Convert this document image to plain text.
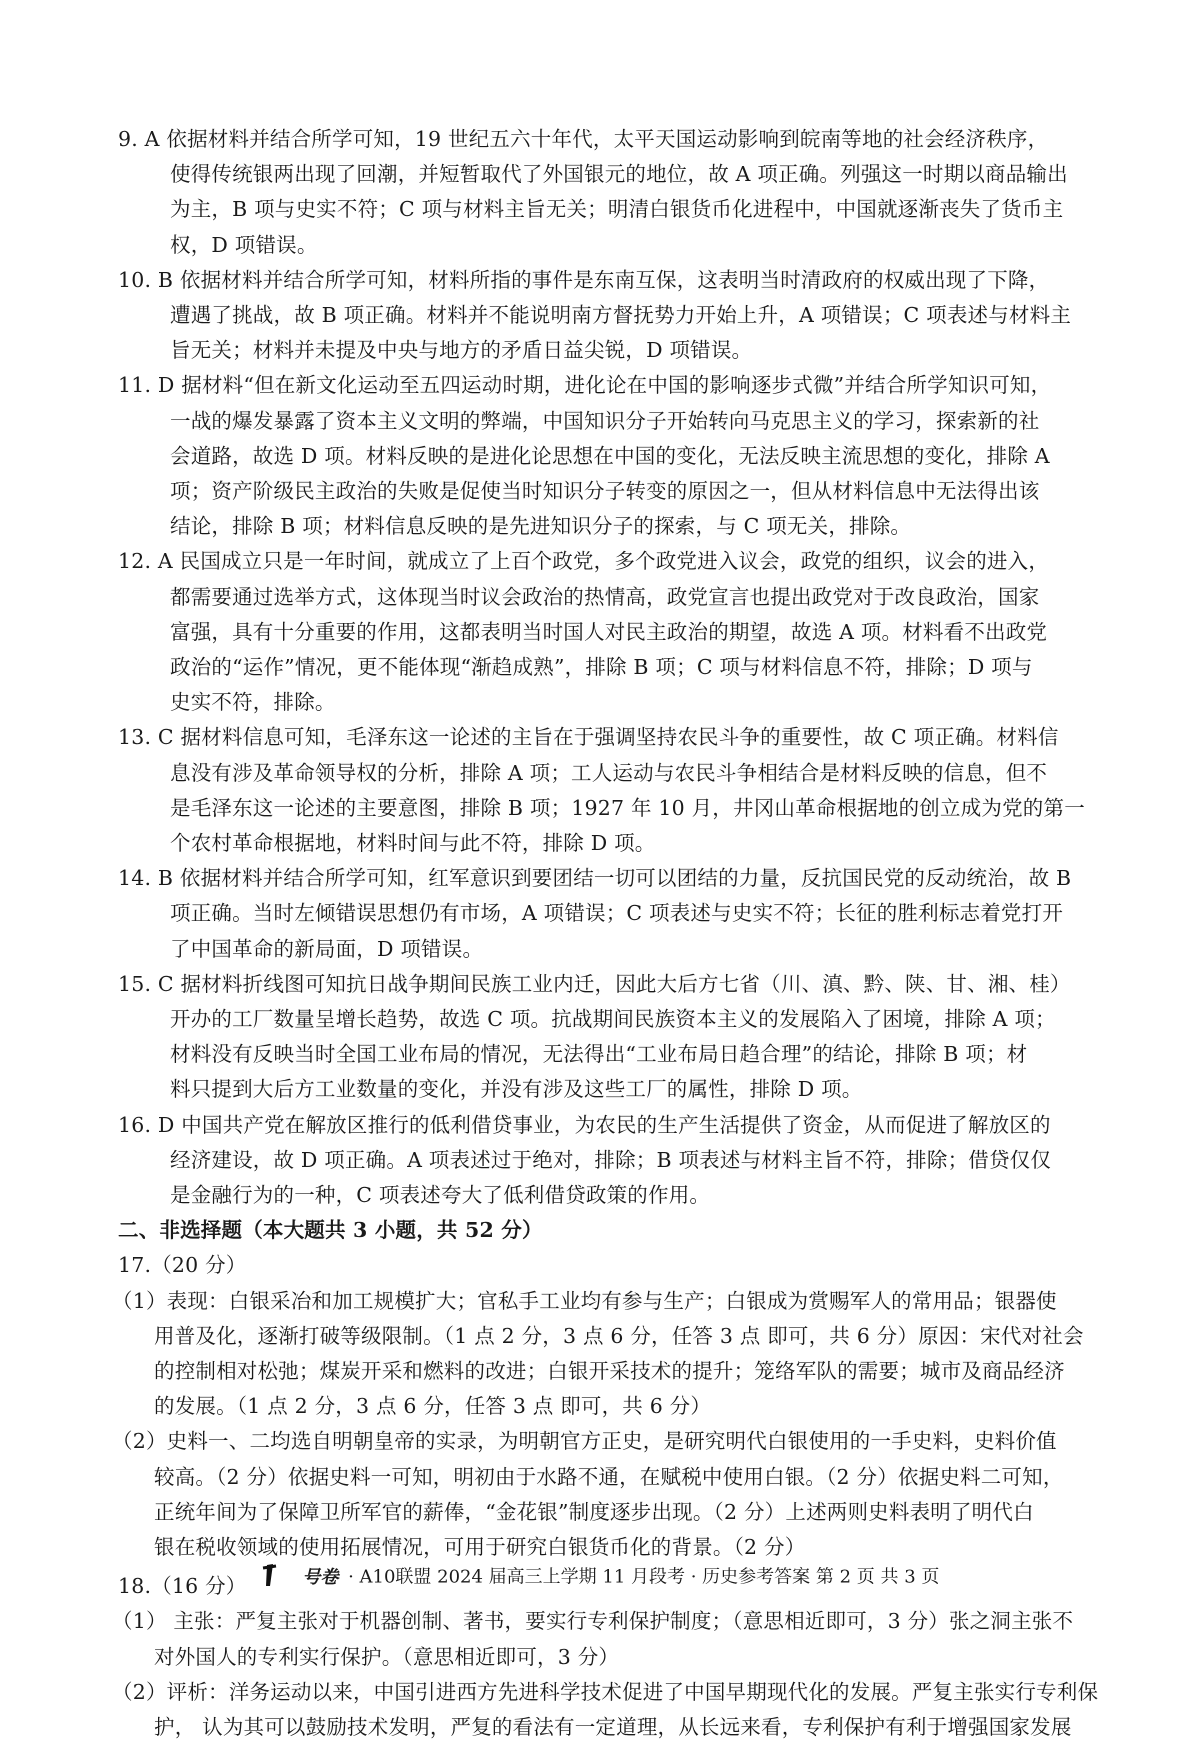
9. A 依据材料并结合所学可知，19 世纪五六十年代，太平天国运动影响到皖南等地的社会经济秩序，
使得传统银两出现了回潮，并短暂取代了外国银元的地位，故 A 项正确。列强这一时期以商品输出
为主，B 项与史实不符；C 项与材料主旨无关；明清白银货币化进程中，中国就逐渐丧失了货币主
权，D 项错误。
10. B 依据材料并结合所学可知，材料所指的事件是东南互保，这表明当时清政府的权威出现了下降，
遭遇了挑战，故 B 项正确。材料并不能说明南方督抚势力开始上升，A 项错误；C 项表述与材料主
旨无关；材料并未提及中央与地方的矛盾日益尖锐，D 项错误。
11. D 据材料“但在新文化运动至五四运动时期，进化论在中国的影响逐步式微”并结合所学知识可知，
一战的爆发暴露了资本主义文明的弊端，中国知识分子开始转向马克思主义的学习，探索新的社
会道路，故选 D 项。材料反映的是进化论思想在中国的变化，无法反映主流思想的变化，排除 A
项；资产阶级民主政治的失败是促使当时知识分子转变的原因之一，但从材料信息中无法得出该
结论，排除 B 项；材料信息反映的是先进知识分子的探索，与 C 项无关，排除。
12. A 民国成立只是一年时间，就成立了上百个政党，多个政党进入议会，政党的组织，议会的进入，
都需要通过选举方式，这体现当时议会政治的热情高，政党宣言也提出政党对于改良政治，国家
富强，具有十分重要的作用，这都表明当时国人对民主政治的期望，故选 A 项。材料看不出政党
政治的“运作”情况，更不能体现“渐趋成熟”，排除 B 项；C 项与材料信息不符，排除；D 项与
史实不符，排除。
13. C 据材料信息可知，毛泽东这一论述的主旨在于强调坚持农民斗争的重要性，故 C 项正确。材料信
息没有涉及革命领导权的分析，排除 A 项；工人运动与农民斗争相结合是材料反映的信息，但不
是毛泽东这一论述的主要意图，排除 B 项；1927 年 10 月，井冈山革命根据地的创立成为党的第一
个农村革命根据地，材料时间与此不符，排除 D 项。
14. B 依据材料并结合所学可知，红军意识到要团结一切可以团结的力量，反抗国民党的反动统治，故 B
项正确。当时左倾错误思想仍有市场，A 项错误；C 项表述与史实不符；长征的胜利标志着党打开
了中国革命的新局面，D 项错误。
15. C 据材料折线图可知抗日战争期间民族工业内迁，因此大后方七省（川、滇、黔、陕、甘、湘、桂）
开办的工厂数量呈增长趋势，故选 C 项。抗战期间民族资本主义的发展陷入了困境，排除 A 项；
材料没有反映当时全国工业布局的情况，无法得出“工业布局日趋合理”的结论，排除 B 项；材
料只提到大后方工业数量的变化，并没有涉及这些工厂的属性，排除 D 项。
16. D 中国共产党在解放区推行的低利借贷事业，为农民的生产生活提供了资金，从而促进了解放区的
经济建设，故 D 项正确。A 项表述过于绝对，排除；B 项表述与材料主旨不符，排除；借贷仅仅
是金融行为的一种，C 项表述夸大了低利借贷政策的作用。
二、非选择题（本大题共 3 小题，共 52 分）
17.（20 分）
（1）表现：白银采冶和加工规模扩大；官私手工业均有参与生产；白银成为赏赐军人的常用品；银器使
用普及化，逐渐打破等级限制。（1 点 2 分，3 点 6 分，任答 3 点 即可，共 6 分）原因：宋代对社会
的控制相对松弛；煤炭开采和燃料的改进；白银开采技术的提升；笼络军队的需要；城市及商品经济
的发展。（1 点 2 分，3 点 6 分，任答 3 点 即可，共 6 分）
（2）史料一、二均选自明朝皇帝的实录，为明朝官方正史，是研究明代白银使用的一手史料，史料价值
较高。（2 分）依据史料一可知，明初由于水路不通，在赋税中使用白银。（2 分）依据史料二可知，
正统年间为了保障卫所军官的薪俸，“金花银”制度逐步出现。（2 分）上述两则史料表明了明代白
银在税收领域的使用拓展情况，可用于研究白银货币化的背景。（2 分）
18.（16 分）
（1） 主张：严复主张对于机器创制、著书，要实行专利保护制度；（意思相近即可，3 分）张之洞主张不
对外国人的专利实行保护。（意思相近即可，3 分）
（2）评析：洋务运动以来，中国引进西方先进科学技术促进了中国早期现代化的发展。严复主张实行专利保
护， 认为其可以鼓励技术发明，严复的看法有一定道理，从长远来看，专利保护有利于增强国家发展
号卷 · A10联盟 2024 届高三上学期 11 月段考 · 历史参考答案 第 2 页 共 3 页
